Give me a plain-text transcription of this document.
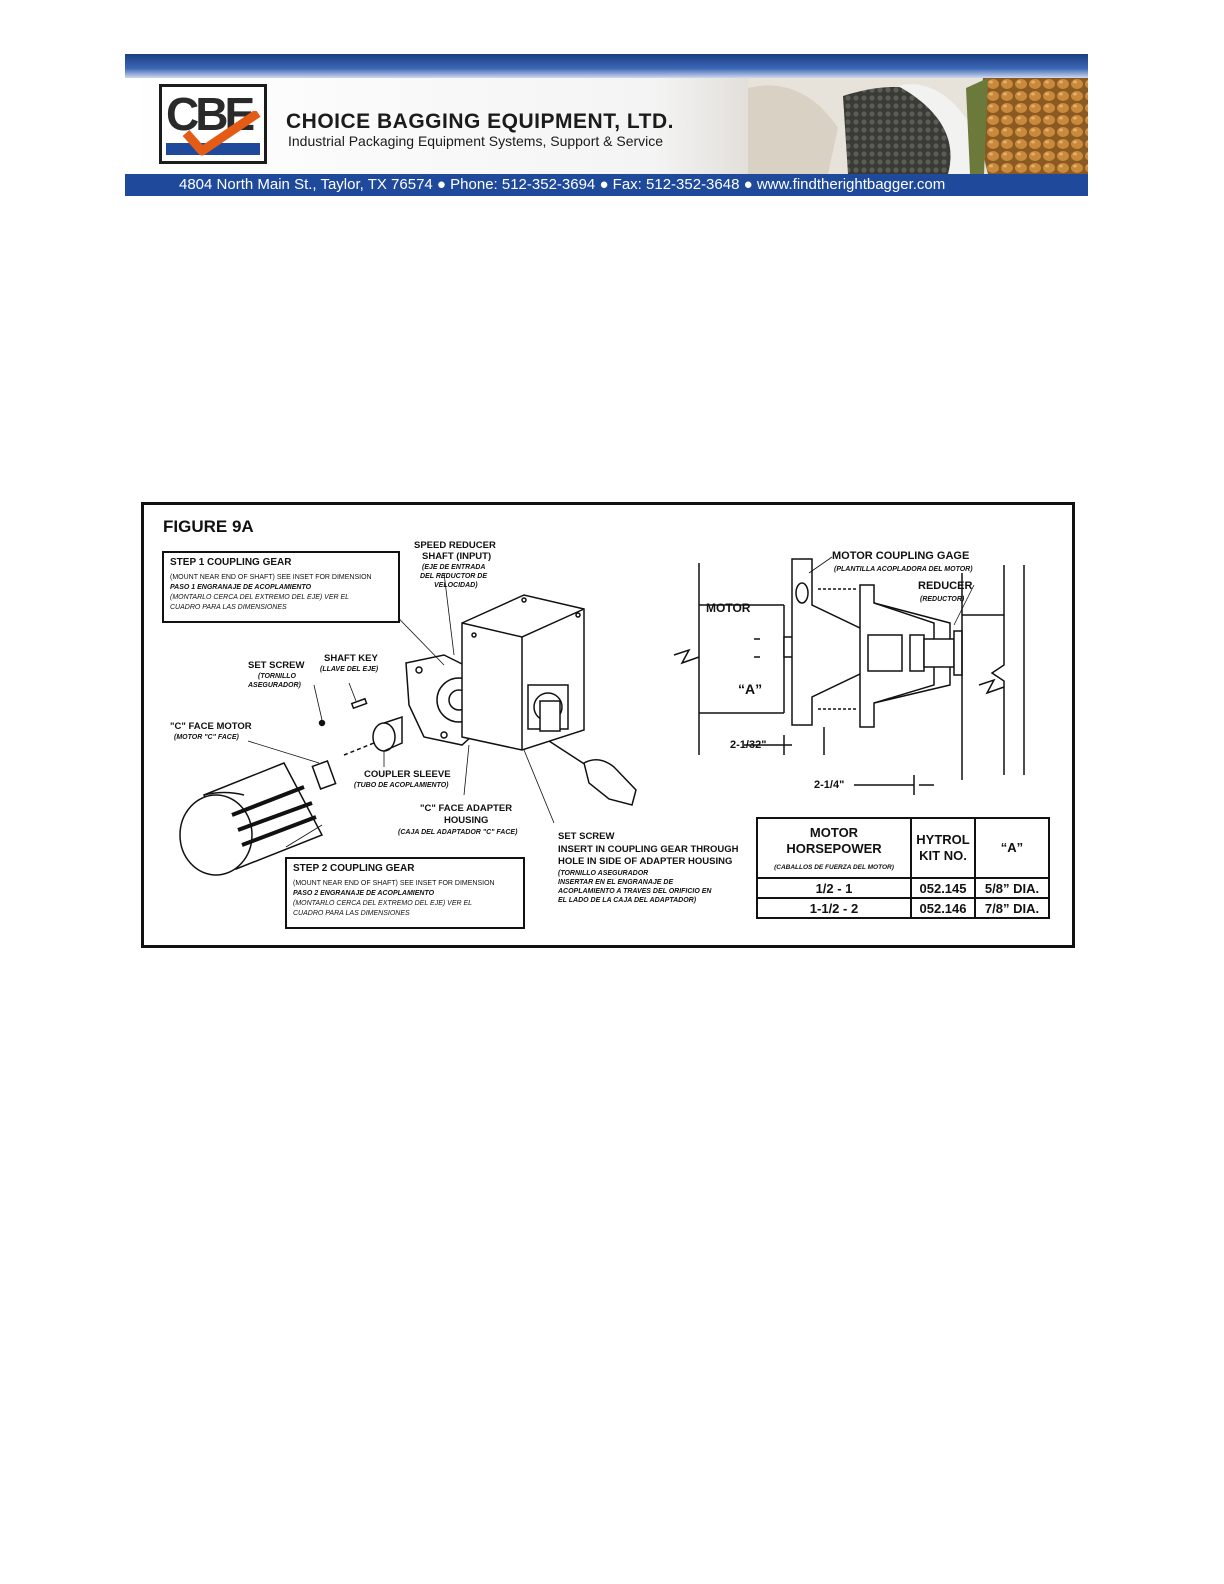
CBE CHOICE BAGGING EQUIPMENT, LTD.
Industrial Packaging Equipment Systems, Support & Service
4804 North Main St., Taylor, TX 76574 ● Phone: 512-352-3694 ● Fax: 512-352-3648 ● www.findtherightbagger.com
FIGURE 9A
STEP 1 COUPLING GEAR
(MOUNT NEAR END OF SHAFT) SEE INSET FOR DIMENSION
PASO 1 ENGRANAJE DE ACOPLAMIENTO
(MONTARLO CERCA DEL EXTREMO DEL EJE) VER EL
CUADRO PARA LAS DIMENSIONES
STEP 2 COUPLING GEAR
(MOUNT NEAR END OF SHAFT) SEE INSET FOR DIMENSION
PASO 2 ENGRANAJE DE ACOPLAMIENTO
(MONTARLO CERCA DEL EXTREMO DEL EJE) VER EL
CUADRO PARA LAS DIMENSIONES
SPEED REDUCER
SHAFT (INPUT)
(EJE DE ENTRADA
DEL REDUCTOR DE
VELOCIDAD)
SET SCREW
(TORNILLO
ASEGURADOR)
SHAFT KEY
(LLAVE DEL EJE)
"C" FACE MOTOR
(MOTOR "C" FACE)
COUPLER SLEEVE
(TUBO DE ACOPLAMIENTO)
"C" FACE ADAPTER
HOUSING
(CAJA DEL ADAPTADOR "C" FACE)	SET SCREW
INSERT IN COUPLING GEAR THROUGH
HOLE IN SIDE OF ADAPTER HOUSING
(TORNILLO ASEGURADOR
INSERTAR EN EL ENGRANAJE DE
ACOPLAMIENTO A TRAVES DEL ORIFICIO EN
EL LADO DE LA CAJA DEL ADAPTADOR)
MOTOR COUPLING GAGE
(PLANTILLA ACOPLADORA DEL MOTOR)
MOTOR
REDUCER
(REDUCTOR)
“A”
2-1/32"
2-1/4"
MOTOR HORSEPOWER
(CABALLOS DE FUERZA DEL MOTOR)	HYTROL KIT NO.	“A”
1/2 - 1	052.145	5/8” DIA.
1-1/2 - 2	052.146	7/8” DIA.
